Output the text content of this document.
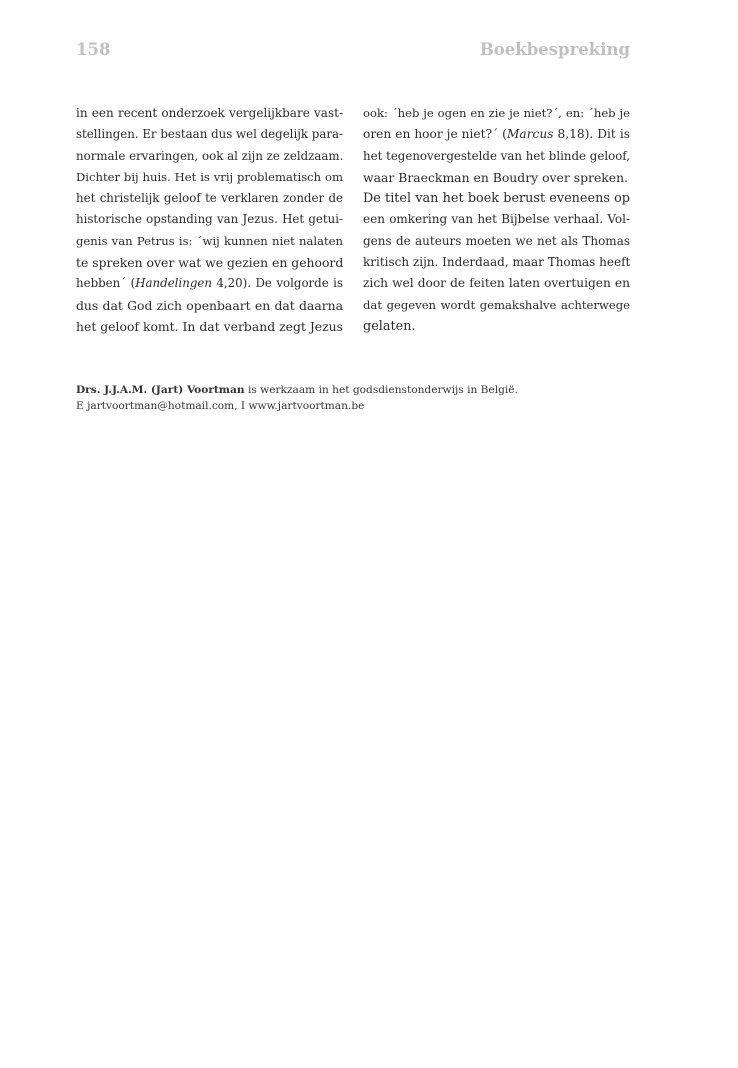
158	Boekbespreking
in een recent onderzoek vergelijkbare vast-
stellingen. Er bestaan dus wel degelijk para-
normale ervaringen, ook al zijn ze zeldzaam.
Dichter bij huis. Het is vrij problematisch om
het christelijk geloof te verklaren zonder de
historische opstanding van Jezus. Het getui-
genis van Petrus is: ´wij kunnen niet nalaten
te spreken over wat we gezien en gehoord
hebben´ (Handelingen 4,20). De volgorde is
dus dat God zich openbaart en dat daarna
het geloof komt. In dat verband zegt Jezus
ook: ´heb je ogen en zie je niet?´, en: ´heb je
oren en hoor je niet?´ (Marcus 8,18). Dit is
het tegenovergestelde van het blinde geloof,
waar Braeckman en Boudry over spreken.
De titel van het boek berust eveneens op
een omkering van het Bijbelse verhaal. Vol-
gens de auteurs moeten we net als Thomas
kritisch zijn. Inderdaad, maar Thomas heeft
zich wel door de feiten laten overtuigen en
dat gegeven wordt gemakshalve achterwege
gelaten.
Drs. J.J.A.M. (Jart) Voortman is werkzaam in het godsdienstonderwijs in België.
E jartvoortman@hotmail.com, I www.jartvoortman.be
